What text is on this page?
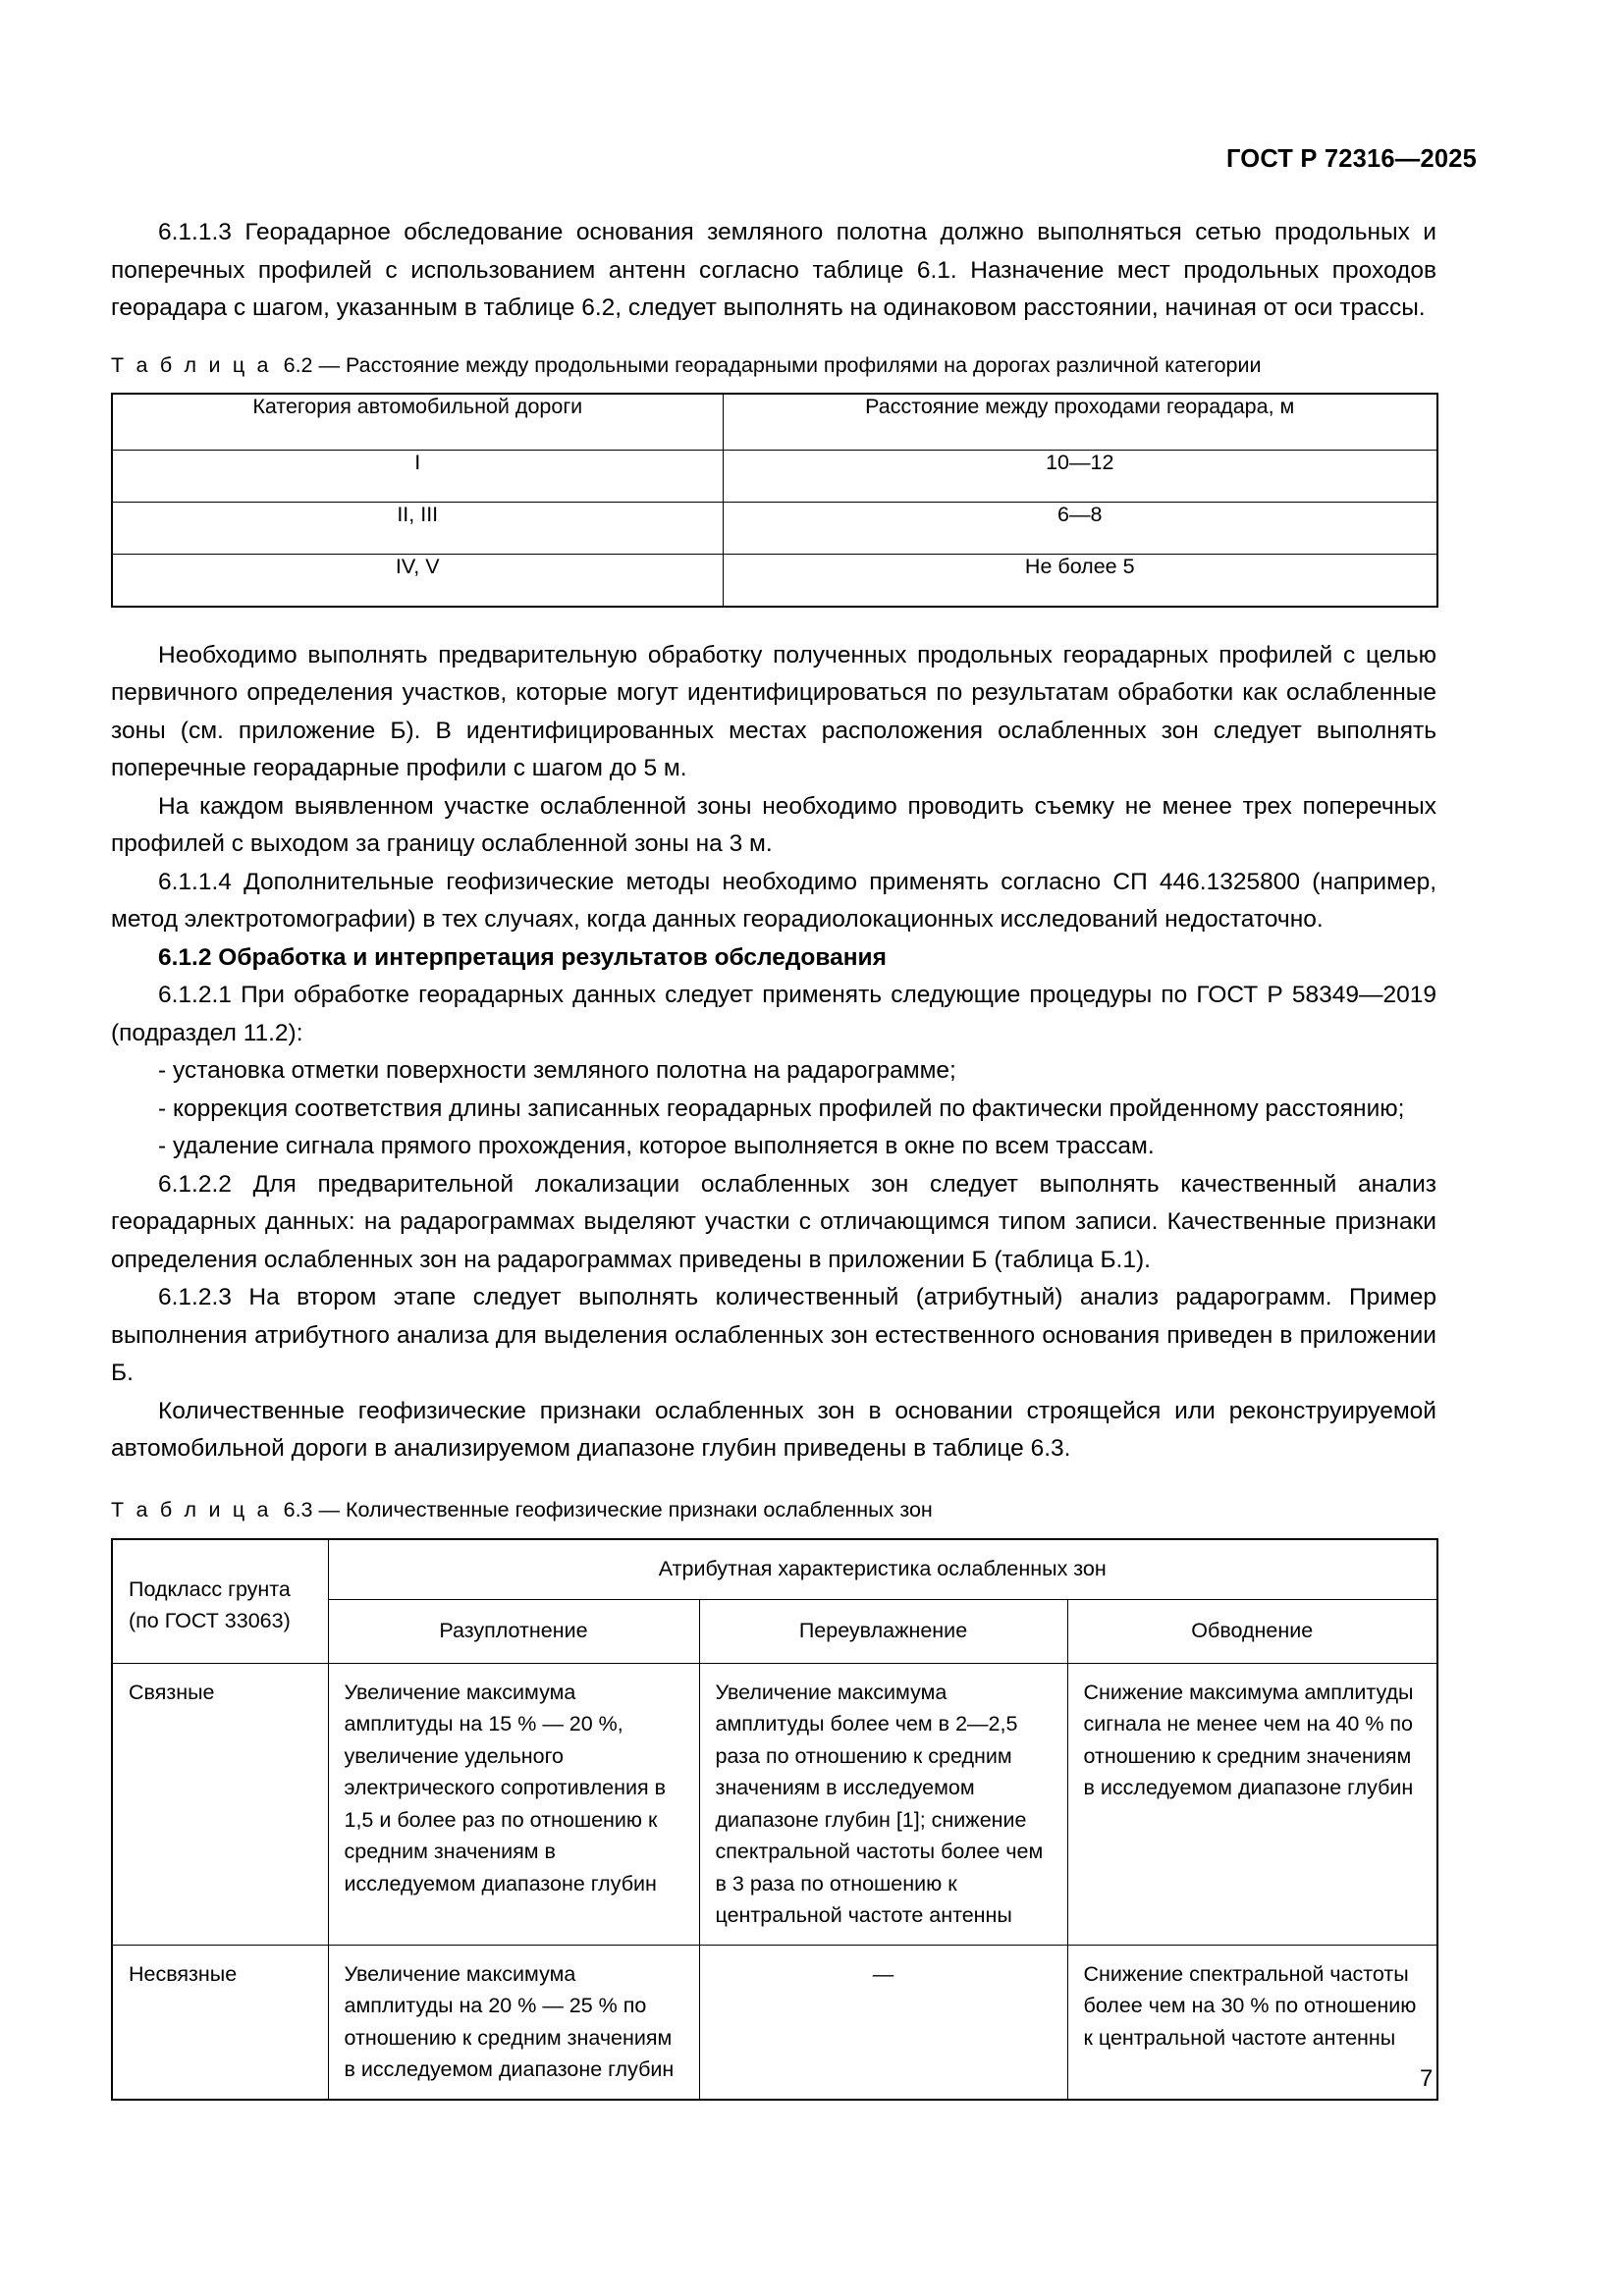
ГОСТ Р 72316—2025

6.1.1.3 Георадарное обследование основания земляного полотна должно выполняться сетью продольных и поперечных профилей с использованием антенн согласно таблице 6.1. Назначение мест продольных проходов георадара с шагом, указанным в таблице 6.2, следует выполнять на одинаковом расстоянии, начиная от оси трассы.

Т а б л и ц а 6.2 — Расстояние между продольными георадарными профилями на дорогах различной категории

Категория автомобильной дороги	Расстояние между проходами георадара, м
I	10—12
II, III	6—8
IV, V	Не более 5

Необходимо выполнять предварительную обработку полученных продольных георадарных профилей с целью первичного определения участков, которые могут идентифицироваться по результатам обработки как ослабленные зоны (см. приложение Б). В идентифицированных местах расположения ослабленных зон следует выполнять поперечные георадарные профили с шагом до 5 м.

На каждом выявленном участке ослабленной зоны необходимо проводить съемку не менее трех поперечных профилей с выходом за границу ослабленной зоны на 3 м.

6.1.1.4 Дополнительные геофизические методы необходимо применять согласно СП 446.1325800 (например, метод электротомографии) в тех случаях, когда данных георадиолокационных исследований недостаточно.

6.1.2 Обработка и интерпретация результатов обследования

6.1.2.1 При обработке георадарных данных следует применять следующие процедуры по ГОСТ Р 58349—2019 (подраздел 11.2):

- установка отметки поверхности земляного полотна на радарограмме;
- коррекция соответствия длины записанных георадарных профилей по фактически пройденному расстоянию;
- удаление сигнала прямого прохождения, которое выполняется в окне по всем трассам.

6.1.2.2 Для предварительной локализации ослабленных зон следует выполнять качественный анализ георадарных данных: на радарограммах выделяют участки с отличающимся типом записи. Качественные признаки определения ослабленных зон на радарограммах приведены в приложении Б (таблица Б.1).

6.1.2.3 На втором этапе следует выполнять количественный (атрибутный) анализ радарограмм. Пример выполнения атрибутного анализа для выделения ослабленных зон естественного основания приведен в приложении Б.

Количественные геофизические признаки ослабленных зон в основании строящейся или реконструируемой автомобильной дороги в анализируемом диапазоне глубин приведены в таблице 6.3.

Т а б л и ц а 6.3 — Количественные геофизические признаки ослабленных зон

Подкласс грунта
(по ГОСТ 33063)	Атрибутная характеристика ослабленных зон		
	Разуплотнение	Переувлажнение	Обводнение
Связные	Увеличение максимума амплитуды на 15 % — 20 %, увеличение удельного электрического сопротивления в 1,5 и более раз по отношению к средним значениям в исследуемом диапазоне глубин	Увеличение максимума амплитуды более чем в 2—2,5 раза по отношению к средним значениям в исследуемом диапазоне глубин [1]; снижение спектральной частоты более чем в 3 раза по отношению к центральной частоте антенны	Снижение максимума амплитуды сигнала не менее чем на 40 % по отношению к средним значениям в исследуемом диапазоне глубин
Несвязные	Увеличение максимума амплитуды на 20 % — 25 % по отношению к средним значениям в исследуемом диапазоне глубин	—	Снижение спектральной частоты более чем на 30 % по отношению к центральной частоте антенны
7
